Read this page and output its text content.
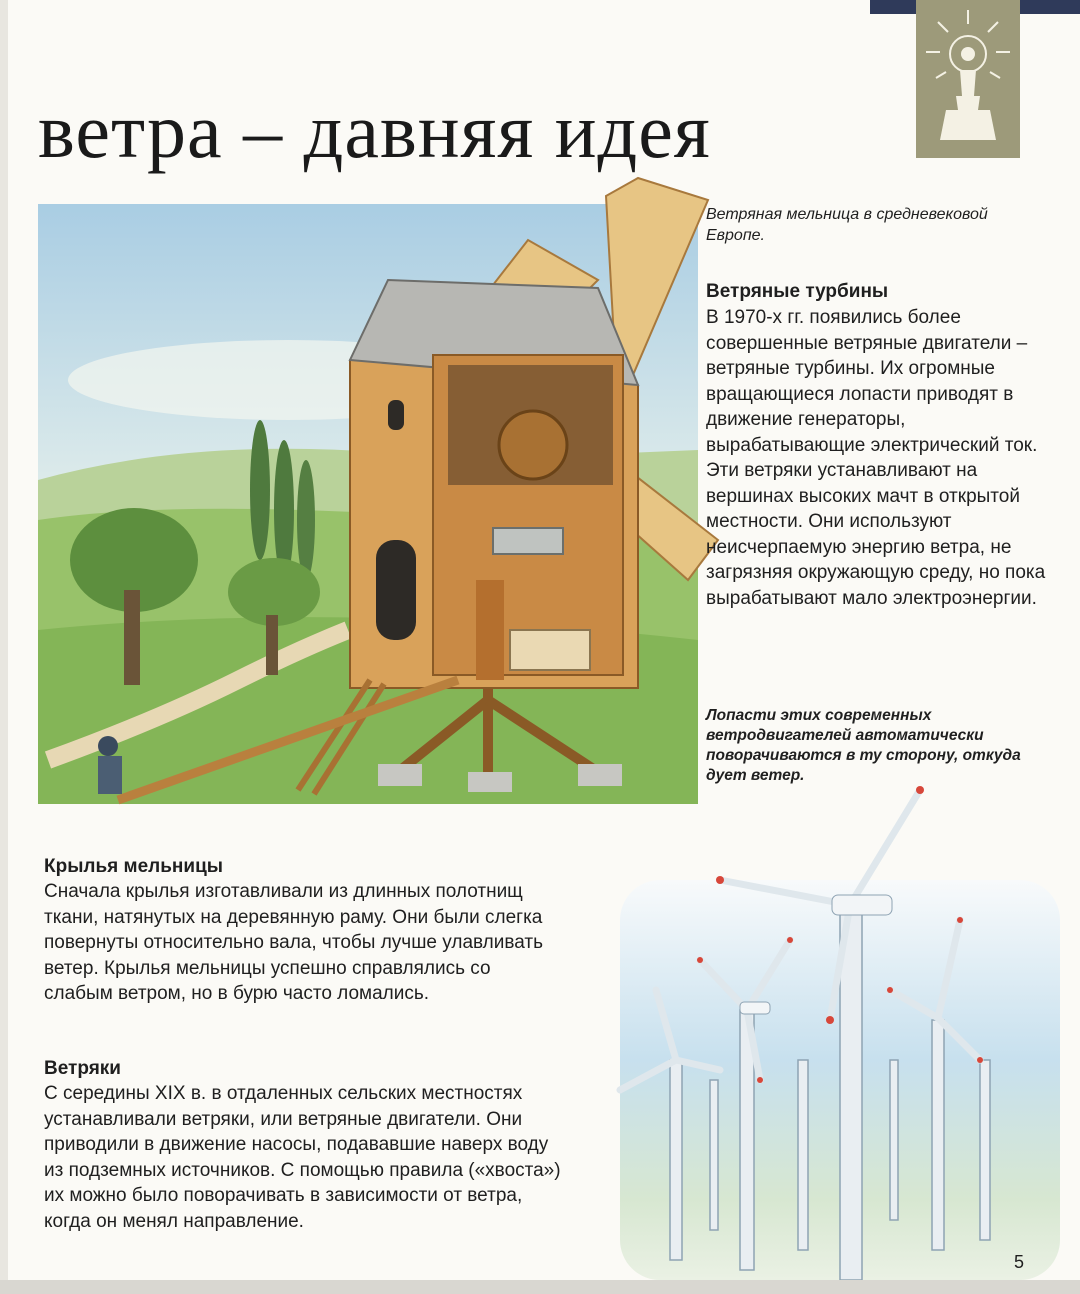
ветра – давняя идея
Ветряная мельница в средневековой Европе.
Ветряные турбины
В 1970-х гг. появились более совершенные ветряные двигатели – ветряные турбины. Их огромные вращающиеся лопасти приводят в движение генераторы, вырабатывающие электрический ток. Эти ветряки устанавливают на вершинах высоких мачт в открытой местности. Они используют неисчерпаемую энергию ветра, не загрязняя окружающую среду, но пока вырабатывают мало электроэнергии.
Лопасти этих современных ветродвигателей автоматически поворачиваются в ту сторону, откуда дует ветер.
Крылья мельницы
Сначала крылья изготавливали из длинных полотнищ ткани, натянутых на деревянную раму. Они были слегка повернуты относительно вала, чтобы лучше улавливать ветер. Крылья мельницы успешно справлялись со слабым ветром, но в бурю часто ломались.
Ветряки
С середины XIX в. в отдаленных сельских местностях устанавливали ветряки, или ветряные двигатели. Они приводили в движение насосы, подававшие наверх воду из подземных источников. С помощью правила («хвоста») их можно было поворачивать в зависимости от ветра, когда он менял направление.
5
